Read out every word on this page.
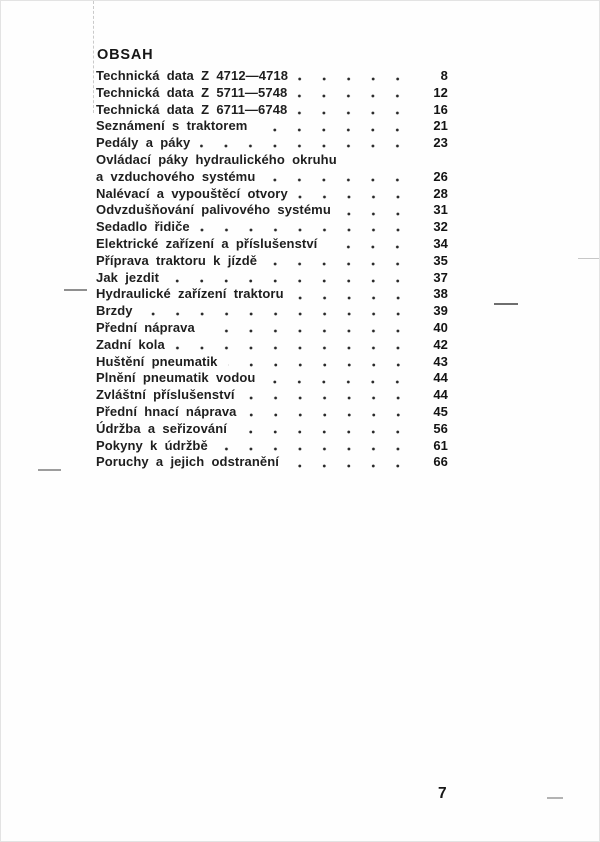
OBSAH
Technická data Z 4712—4718	8
Technická data Z 5711—5748	12
Technická data Z 6711—6748	16
Seznámení s traktorem	21
Pedály a páky	23
Ovládací páky hydraulického okruhu
a vzduchového systému	26
Nalévací a vypouštěcí otvory	28
Odvzdušňování palivového systému	31
Sedadlo řidiče	32
Elektrické zařízení a příslušenství	34
Příprava traktoru k jízdě	35
Jak jezdit	37
Hydraulické zařízení traktoru	38
Brzdy	39
Přední náprava	40
Zadní kola	42
Huštění pneumatik	43
Plnění pneumatik vodou	44
Zvláštní příslušenství	44
Přední hnací náprava	45
Údržba a seřizování	56
Pokyny k údržbě	61
Poruchy a jejich odstranění	66
7
